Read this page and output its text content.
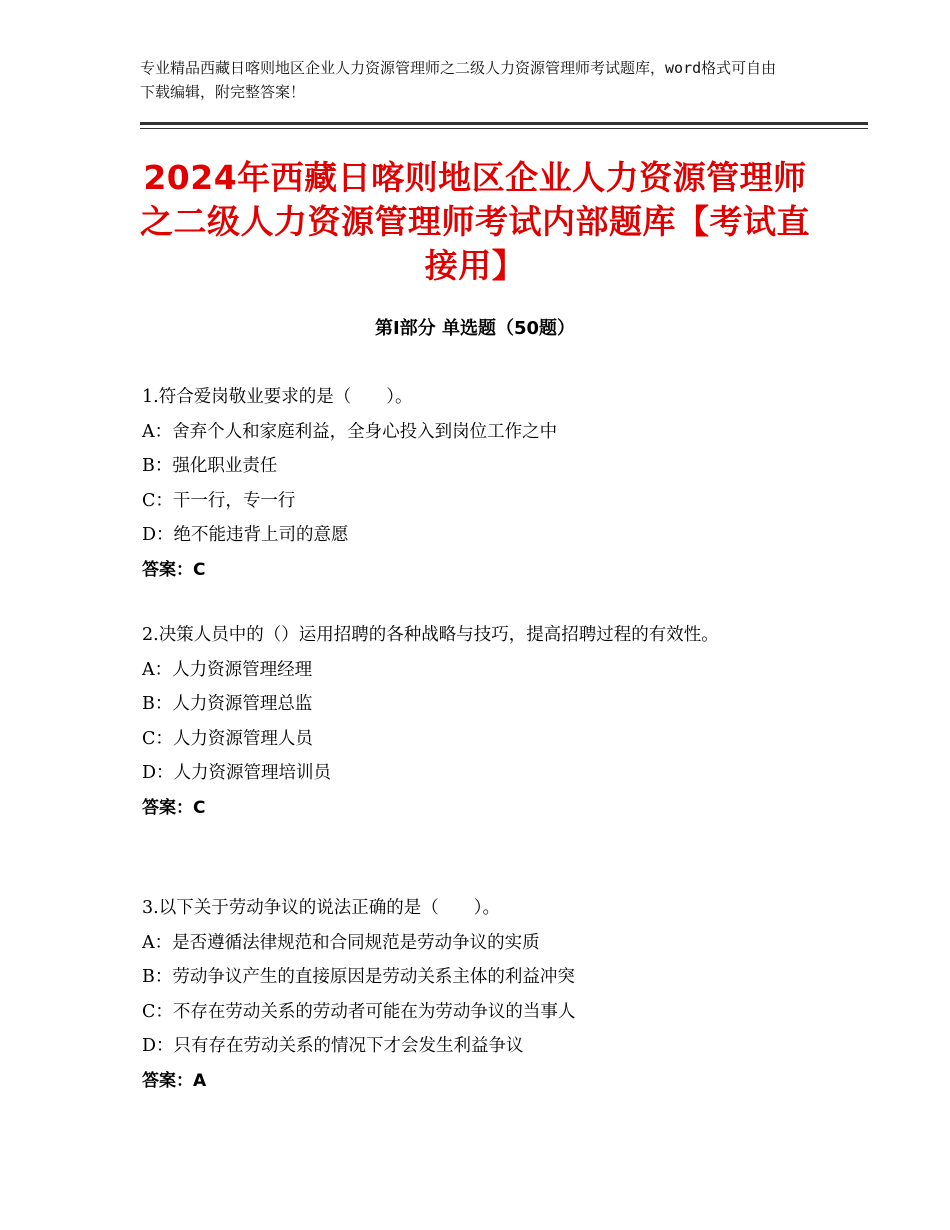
专业精品西藏日喀则地区企业人力资源管理师之二级人力资源管理师考试题库，word格式可自由下载编辑，附完整答案！
2024年西藏日喀则地区企业人力资源管理师之二级人力资源管理师考试内部题库【考试直接用】
第Ⅰ部分 单选题（50题）

1.符合爱岗敬业要求的是（　　）。

A：舍弃个人和家庭利益，全身心投入到岗位工作之中

B：强化职业责任

C：干一行，专一行

D：绝不能违背上司的意愿

答案：C

2.决策人员中的（）运用招聘的各种战略与技巧，提高招聘过程的有效性。

A：人力资源管理经理

B：人力资源管理总监

C：人力资源管理人员

D：人力资源管理培训员

答案：C

3.以下关于劳动争议的说法正确的是（　　）。

A：是否遵循法律规范和合同规范是劳动争议的实质

B：劳动争议产生的直接原因是劳动关系主体的利益冲突

C：不存在劳动关系的劳动者可能在为劳动争议的当事人

D：只有存在劳动关系的情况下才会发生利益争议

答案：A
